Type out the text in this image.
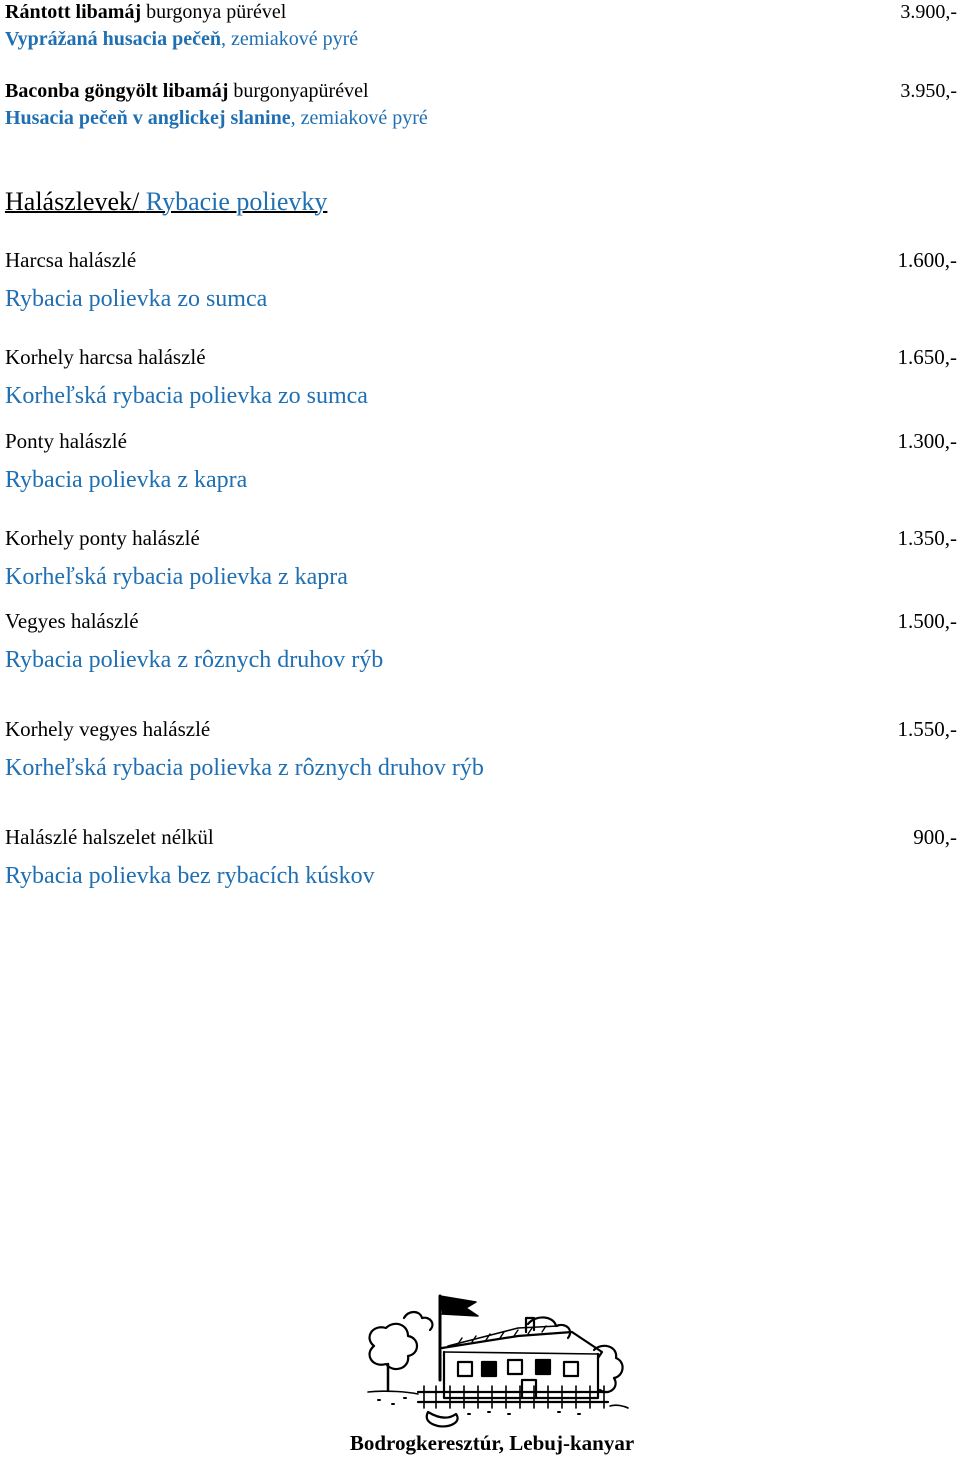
Rántott libamáj burgonya pürével	3.900,-
Vyprážaná husacia pečeň, zemiakové pyré
Baconba göngyölt libamáj burgonyapürével	3.950,-
Husacia pečeň v anglickej slanine, zemiakové pyré
Halászlevek/ Rybacie polievky
Harcsa halászlé	1.600,-
Rybacia polievka zo sumca
Korhely harcsa halászlé	1.650,-
Korheľská rybacia polievka zo sumca
Ponty halászlé	1.300,-
Rybacia polievka z kapra
Korhely ponty halászlé	1.350,-
Korheľská rybacia polievka z kapra
Vegyes halászlé	1.500,-
Rybacia polievka z rôznych druhov rýb
Korhely vegyes halászlé	1.550,-
Korheľská rybacia polievka z rôznych druhov rýb
Halászlé halszelet nélkül	900,-
Rybacia polievka bez rybacích kúskov
Bodrogkeresztúr, Lebuj-kanyar
